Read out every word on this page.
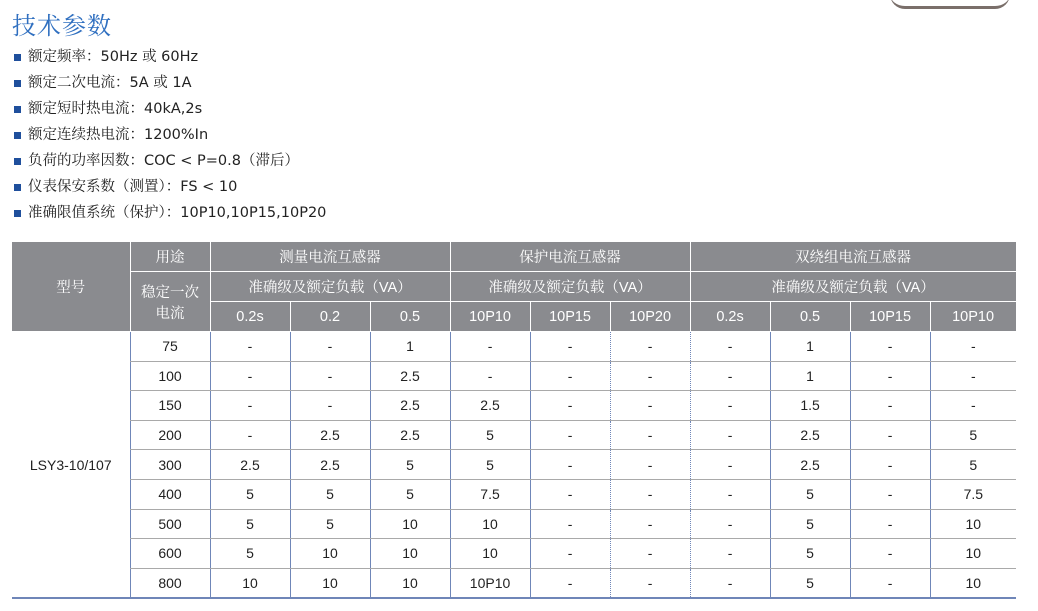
技术参数
额定频率：50Hz 或 60Hz
额定二次电流：5A 或 1A
额定短时热电流：40kA,2s
额定连续热电流：1200%In
负荷的功率因数：COC < P=0.8（滞后）
仪表保安系数（测置）：FS < 10
准确限值系统（保护）：10P10,10P15,10P20
型号	用途	测量电流互感器			保护电流互感器			双绕组电流互感器			

	稳定一次
电流	准确级及额定负载（VA）			准确级及额定负载（VA）			准确级及额定负载（VA）			
		0.2s	0.2	0.5	10P10	10P15	10P20	0.2s	0.5	10P15	10P10
LSY3-10/107	75	-	-	1	-	-	-	-	1	-	-
	100	-	-	2.5	-	-	-	-	1	-	-
	150	-	-	2.5	2.5	-	-	-	1.5	-	-
	200	-	2.5	2.5	5	-	-	-	2.5	-	5
	300	2.5	2.5	5	5	-	-	-	2.5	-	5
	400	5	5	5	7.5	-	-	-	5	-	7.5
	500	5	5	10	10	-	-	-	5	-	10
	600	5	10	10	10	-	-	-	5	-	10
	800	10	10	10	10P10	-	-	-	5	-	10
